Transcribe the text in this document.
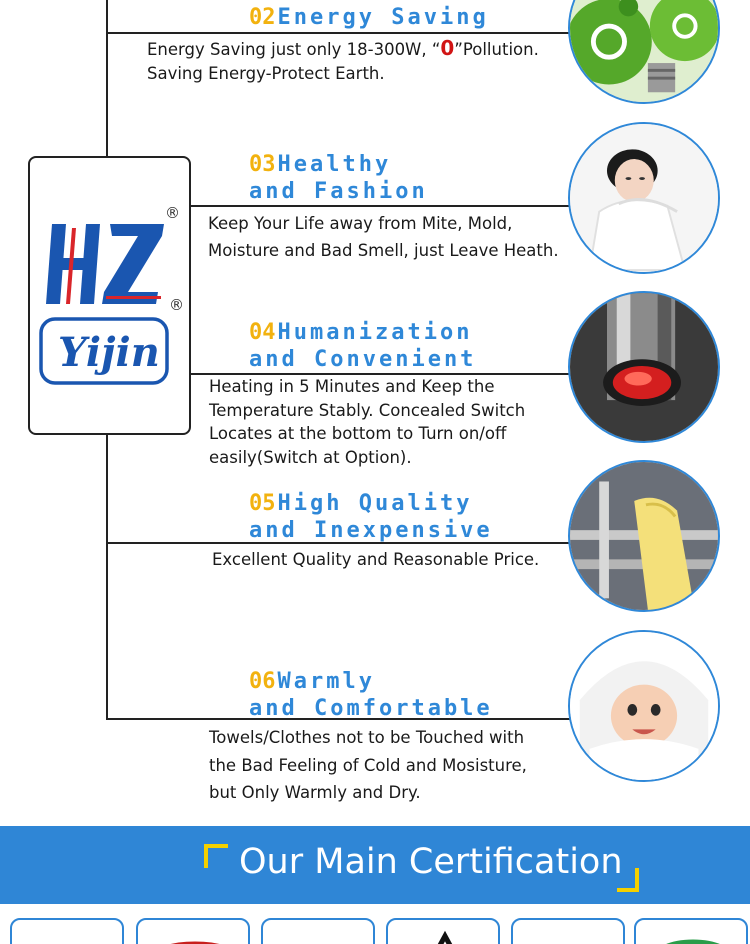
®
Yijin
®
02Energy Saving
Energy Saving just only 18-300W, “0”Pollution.
Saving Energy-Protect Earth.
03Healthy
and Fashion
Keep Your Life away from Mite, Mold,
Moisture and Bad Smell, just Leave Heath.
04Humanization
and Convenient
Heating in 5 Minutes and Keep the
Temperature Stably. Concealed Switch
Locates at the bottom to Turn on/off
easily(Switch at Option).
05High Quality
and Inexpensive
Excellent Quality and Reasonable Price.
06Warmly
and Comfortable
Towels/Clothes not to be Touched with
the Bad Feeling of Cold and Mosisture,
but Only Warmly and Dry.
Our Main Certification
